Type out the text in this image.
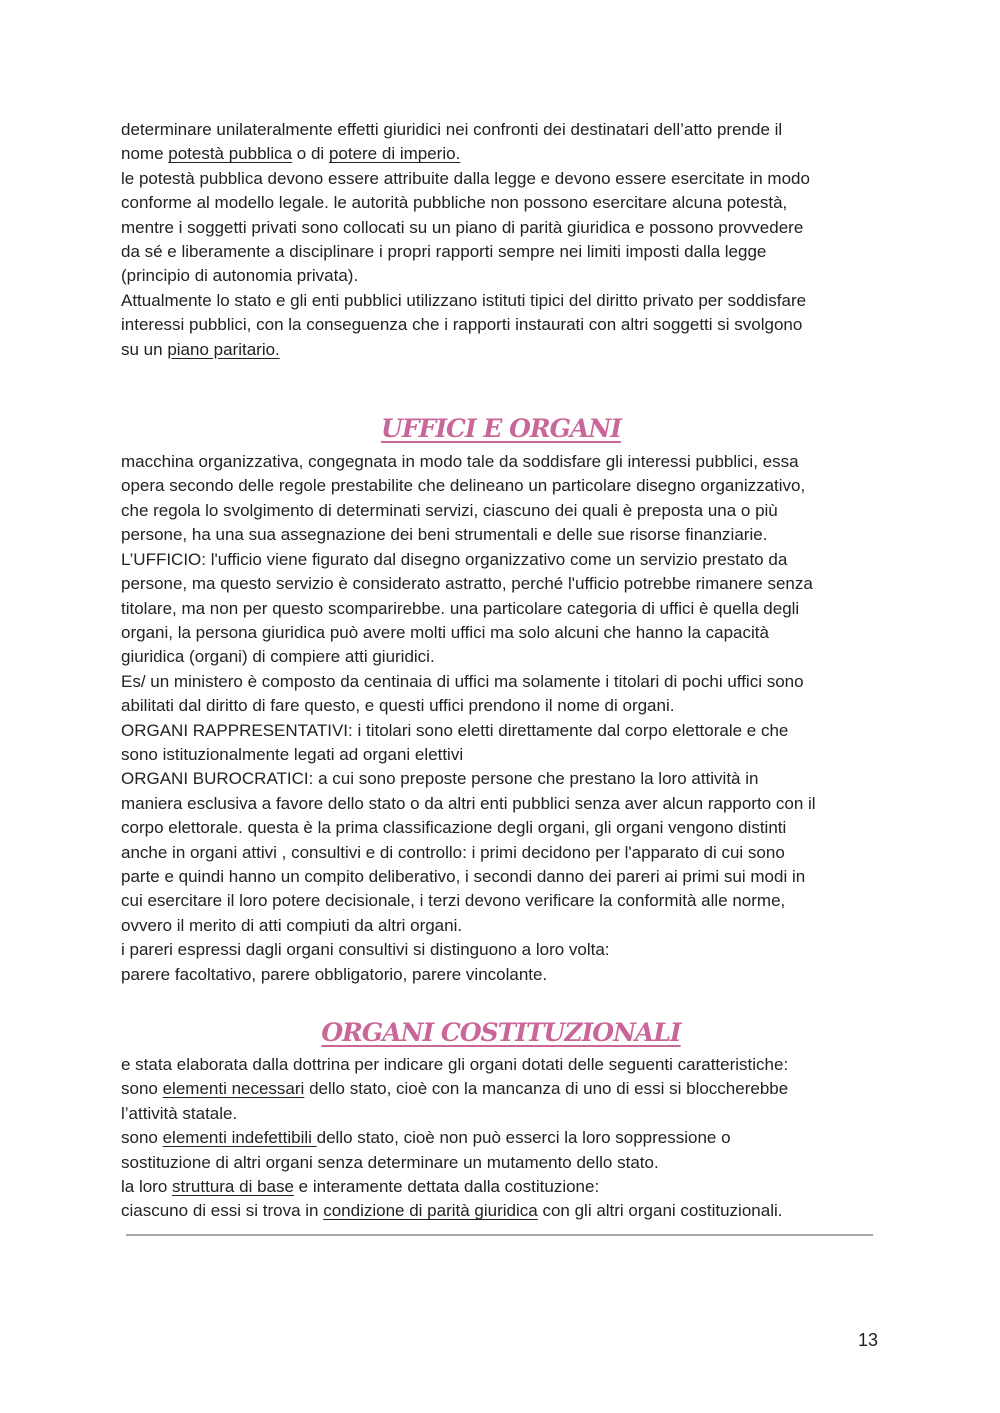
determinare unilateralmente effetti giuridici nei confronti dei destinatari dell’atto prende il

nome potestà pubblica o di potere di imperio.

le potestà pubblica devono essere attribuite dalla legge e devono essere esercitate in modo

conforme al modello legale. le autorità pubbliche non possono esercitare alcuna potestà,

mentre i soggetti privati sono collocati su un piano di parità giuridica e possono provvedere

da sé e liberamente a disciplinare i propri rapporti sempre nei limiti imposti dalla legge

(principio di autonomia privata).

Attualmente lo stato e gli enti pubblici utilizzano istituti tipici del diritto privato per soddisfare

interessi pubblici, con la conseguenza che i rapporti instaurati con altri soggetti si svolgono

su un piano paritario.

UFFICI E ORGANI

macchina organizzativa, congegnata in modo tale da soddisfare gli interessi pubblici, essa

opera secondo delle regole prestabilite che delineano un particolare disegno organizzativo,

che regola lo svolgimento di determinati servizi, ciascuno dei quali è preposta una o più

persone, ha una sua assegnazione dei beni strumentali e delle sue risorse finanziarie.

L’UFFICIO: l'ufficio viene figurato dal disegno organizzativo come un servizio prestato da

persone, ma questo servizio è considerato astratto, perché l'ufficio potrebbe rimanere senza

titolare, ma non per questo scomparirebbe. una particolare categoria di uffici è quella degli

organi, la persona giuridica può avere molti uffici ma solo alcuni che hanno la capacità

giuridica (organi) di compiere atti giuridici.

Es/ un ministero è composto da centinaia di uffici ma solamente i titolari di pochi uffici sono

abilitati dal diritto di fare questo, e questi uffici prendono il nome di organi.

ORGANI RAPPRESENTATIVI: i titolari sono eletti direttamente dal corpo elettorale e che

sono istituzionalmente legati ad organi elettivi

ORGANI BUROCRATICI: a cui sono preposte persone che prestano la loro attività in

maniera esclusiva a favore dello stato o da altri enti pubblici senza aver alcun rapporto con il

corpo elettorale. questa è la prima classificazione degli organi, gli organi vengono distinti

anche in organi attivi , consultivi e di controllo: i primi decidono per l'apparato di cui sono

parte e quindi hanno un compito deliberativo, i secondi danno dei pareri ai primi sui modi in

cui esercitare il loro potere decisionale, i terzi devono verificare la conformità alle norme,

ovvero il merito di atti compiuti da altri organi.

i pareri espressi dagli organi consultivi si distinguono a loro volta:

parere facoltativo, parere obbligatorio, parere vincolante.

ORGANI COSTITUZIONALI

e stata elaborata dalla dottrina per indicare gli organi dotati delle seguenti caratteristiche:

sono elementi necessari dello stato, cioè con la mancanza di uno di essi si bloccherebbe

l’attività statale.

sono elementi indefettibili dello stato, cioè non può esserci la loro soppressione o

sostituzione di altri organi senza determinare un mutamento dello stato.

la loro struttura di base e interamente dettata dalla costituzione:

ciascuno di essi si trova in condizione di parità giuridica con gli altri organi costituzionali.

13
